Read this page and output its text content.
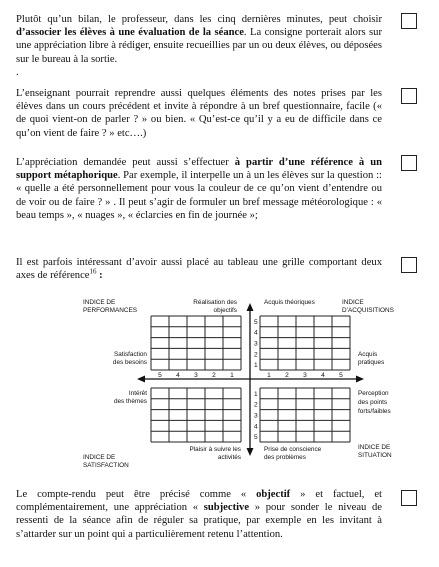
Plutôt qu’un bilan, le professeur, dans les cinq dernières minutes, peut choisir d’associer les élèves à une évaluation de la séance. La consigne porterait alors sur une appréciation libre à rédiger, ensuite recueillies par un ou deux élèves, ou déposées sur le bureau à la sortie.
.
L’enseignant pourrait reprendre aussi quelques éléments des notes prises par les élèves dans un cours précédent et invite à répondre à un bref questionnaire, facile (« de quoi vient-on de parler ? » ou bien. « Qu’est-ce qu’il y a eu de difficile dans ce qu’on vient de faire ? » etc….)
L’appréciation demandée peut aussi s’effectuer à partir d’une référence à un support métaphorique. Par exemple, il interpelle un à un les élèves sur la question :: « quelle a été personnellement pour vous la couleur de ce qu’on vient d’entendre ou de voir ou de faire ? » . Il peut s’agir de formuler un bref message météorologique : « beau temps », « nuages », « éclarcies en fin de journée »;
Il est parfois intéressant d’avoir aussi placé au tableau une grille comportant deux axes de référence$^{16}$ :
5
4
3
2
1
1
2
3
4
5
5 4 3 2 1	1 2 3 4 5
INDICE DE
PERFORMANCES
INDICE
D’ACQUISITIONS
INDICE DE
SATISFACTION
INDICE DE
SITUATION
Réalisation des
objectifs
Acquis théoriques
Satisfaction
des besoins
Acquis
pratiques
Intérêt
des thèmes
Perception
des points
forts/faibles
Plaisir à suivre les
activités
Prise de conscience
des problèmes
Le compte-rendu peut être précisé comme « objectif » et factuel, et complémentairement, une appréciation « subjective » pour sonder le niveau de ressenti de la séance afin de réguler sa pratique, par exemple en les invitant à s’attarder sur un point qui a particulièrement retenu l’attention.
